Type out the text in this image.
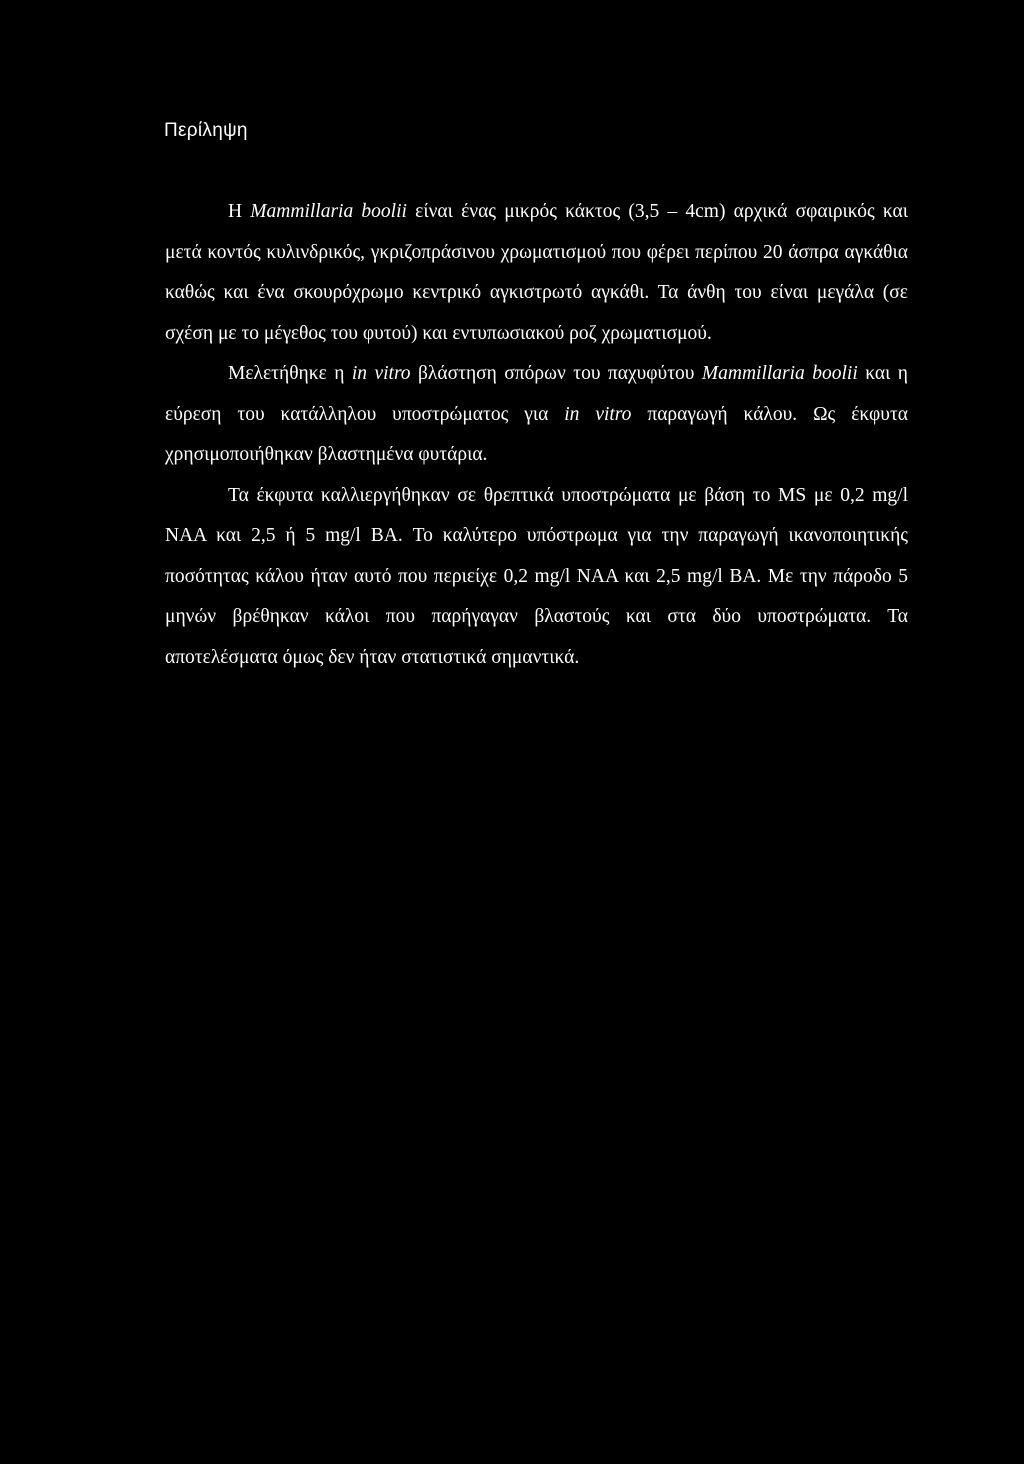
Περίληψη

Η Mammillaria boolii είναι ένας μικρός κάκτος (3,5 – 4cm) αρχικά σφαιρικός και μετά κοντός κυλινδρικός, γκριζοπράσινου χρωματισμού που φέρει περίπου 20 άσπρα αγκάθια καθώς και ένα σκουρόχρωμο κεντρικό αγκιστρωτό αγκάθι. Τα άνθη του είναι μεγάλα (σε σχέση με το μέγεθος του φυτού) και εντυπωσιακού ροζ χρωματισμού.

Μελετήθηκε η in vitro βλάστηση σπόρων του παχυφύτου Mammillaria boolii και η εύρεση του κατάλληλου υποστρώματος για in vitro παραγωγή κάλου. Ως έκφυτα χρησιμοποιήθηκαν βλαστημένα φυτάρια.

Τα έκφυτα καλλιεργήθηκαν σε θρεπτικά υποστρώματα με βάση το MS με 0,2 mg/l NAA και 2,5 ή 5 mg/l BA. Το καλύτερο υπόστρωμα για την παραγωγή ικανοποιητικής ποσότητας κάλου ήταν αυτό που περιείχε 0,2 mg/l NAA και 2,5 mg/l BA. Με την πάροδο 5 μηνών βρέθηκαν κάλοι που παρήγαγαν βλαστούς και στα δύο υποστρώματα. Τα αποτελέσματα όμως δεν ήταν στατιστικά σημαντικά.
